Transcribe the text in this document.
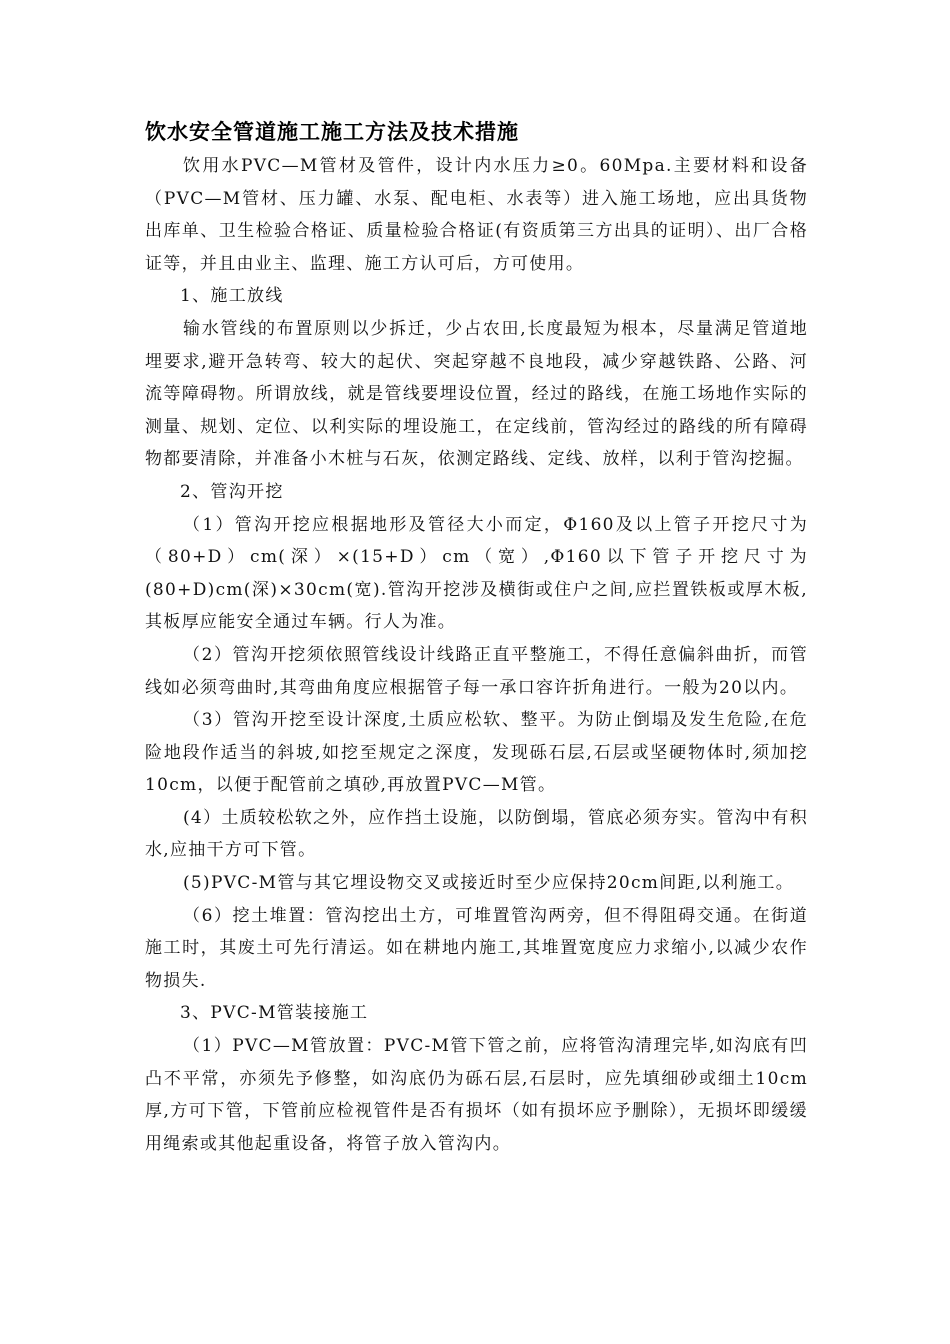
饮水安全管道施工施工方法及技术措施

饮用水PVC—M管材及管件，设计内水压力≥0。60Mpa.主要材料和设备（PVC—M管材、压力罐、水泵、配电柜、水表等）进入施工场地，应出具货物出库单、卫生检验合格证、质量检验合格证(有资质第三方出具的证明）、出厂合格证等，并且由业主、监理、施工方认可后，方可使用。

1、施工放线

输水管线的布置原则以少拆迁，少占农田,长度最短为根本，尽量满足管道地埋要求,避开急转弯、较大的起伏、突起穿越不良地段，减少穿越铁路、公路、河流等障碍物。所谓放线，就是管线要埋设位置，经过的路线，在施工场地作实际的测量、规划、定位、以利实际的埋设施工，在定线前，管沟经过的路线的所有障碍物都要清除，并准备小木桩与石灰，依测定路线、定线、放样，以利于管沟挖掘。

2、管沟开挖

（1）管沟开挖应根据地形及管径大小而定，Φ160及以上管子开挖尺寸为（80+D）cm(深）×(15+D）cm（宽）,Φ160以下管子开挖尺寸为(80+D)cm(深)×30cm(宽).管沟开挖涉及横街或住户之间,应拦置铁板或厚木板,其板厚应能安全通过车辆。行人为准。

（2）管沟开挖须依照管线设计线路正直平整施工，不得任意偏斜曲折，而管线如必须弯曲时,其弯曲角度应根据管子每一承口容许折角进行。一般为20以内。

（3）管沟开挖至设计深度,土质应松软、整平。为防止倒塌及发生危险,在危险地段作适当的斜坡,如挖至规定之深度，发现砾石层,石层或坚硬物体时,须加挖10cm，以便于配管前之填砂,再放置PVC—M管。

(4）土质较松软之外，应作挡土设施，以防倒塌，管底必须夯实。管沟中有积水,应抽干方可下管。

(5)PVC-M管与其它埋设物交叉或接近时至少应保持20cm间距,以利施工。

（6）挖土堆置：管沟挖出土方，可堆置管沟两旁，但不得阻碍交通。在街道施工时，其废土可先行清运。如在耕地内施工,其堆置宽度应力求缩小,以减少农作物损失.

3、PVC-M管装接施工

（1）PVC—M管放置：PVC-M管下管之前，应将管沟清理完毕,如沟底有凹凸不平常，亦须先予修整，如沟底仍为砾石层,石层时，应先填细砂或细土10cm厚,方可下管，下管前应检视管件是否有损坏（如有损坏应予删除），无损坏即缓缓用绳索或其他起重设备，将管子放入管沟内。
